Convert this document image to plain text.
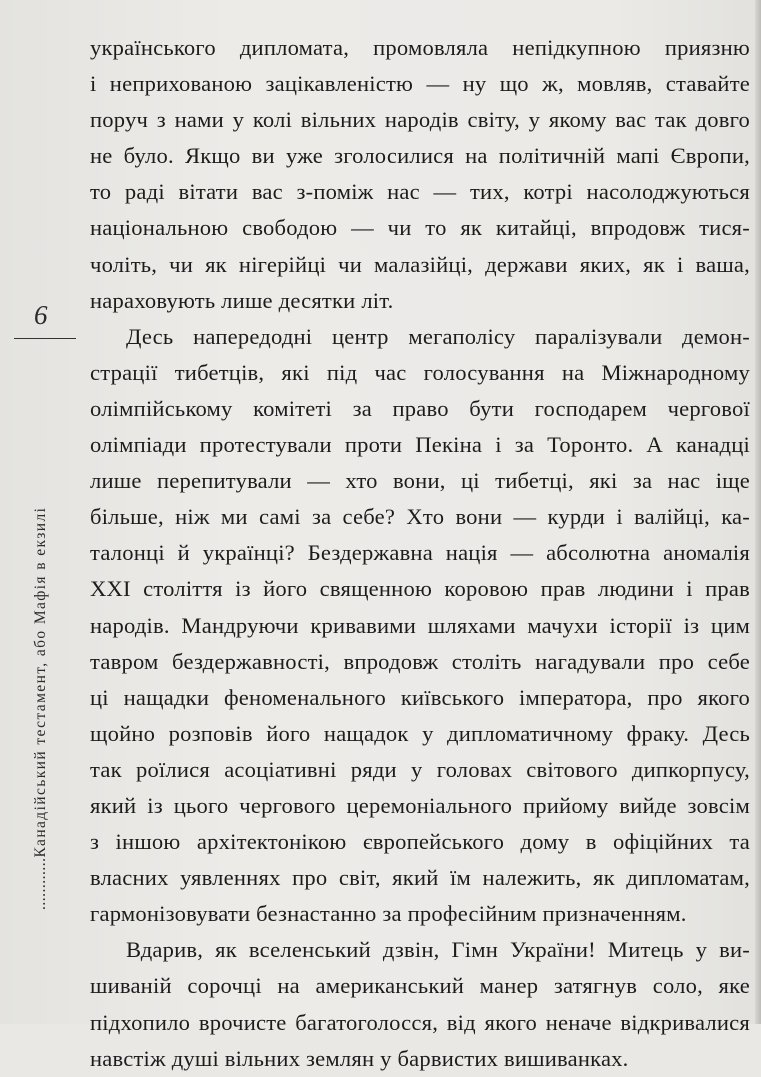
6
............Канадійський тестамент, або Мафія в екзилі

українського дипломата, промовляла непідкупною приязню
і неприхованою зацікавленістю — ну що ж, мовляв, ставайте
поруч з нами у колі вільних народів світу, у якому вас так довго
не було. Якщо ви уже зголосилися на політичній мапі Європи,
то раді вітати вас з-поміж нас — тих, котрі насолоджуються
національною свободою — чи то як китайці, впродовж тися-
чоліть, чи як нігерійці чи малазійці, держави яких, як і ваша,
нараховують лише десятки літ.

Десь напередодні центр мегаполісу паралізували демон-
страції тибетців, які під час голосування на Міжнародному
олімпійському комітеті за право бути господарем чергової
олімпіади протестували проти Пекіна і за Торонто. А канадці
лише перепитували — хто вони, ці тибетці, які за нас іще
більше, ніж ми самі за себе? Хто вони — курди і валійці, ка-
талонці й українці? Бездержавна нація — абсолютна аномалія
XXI століття із його священною коровою прав людини і прав
народів. Мандруючи кривавими шляхами мачухи історії із цим
тавром бездержавності, впродовж століть нагадували про себе
ці нащадки феноменального київського імператора, про якого
щойно розповів його нащадок у дипломатичному фраку. Десь
так роїлися асоціативні ряди у головах світового дипкорпусу,
який із цього чергового церемоніального прийому вийде зовсім
з іншою архітектонікою європейського дому в офіційних та
власних уявленнях про світ, який їм належить, як дипломатам,
гармонізовувати безнастанно за професійним призначенням.

Вдарив, як вселенський дзвін, Гімн України! Митець у ви-
шиваній сорочці на американський манер затягнув соло, яке
підхопило врочисте багатоголосся, від якого неначе відкривалися
навстіж душі вільних землян у барвистих вишиванках.
